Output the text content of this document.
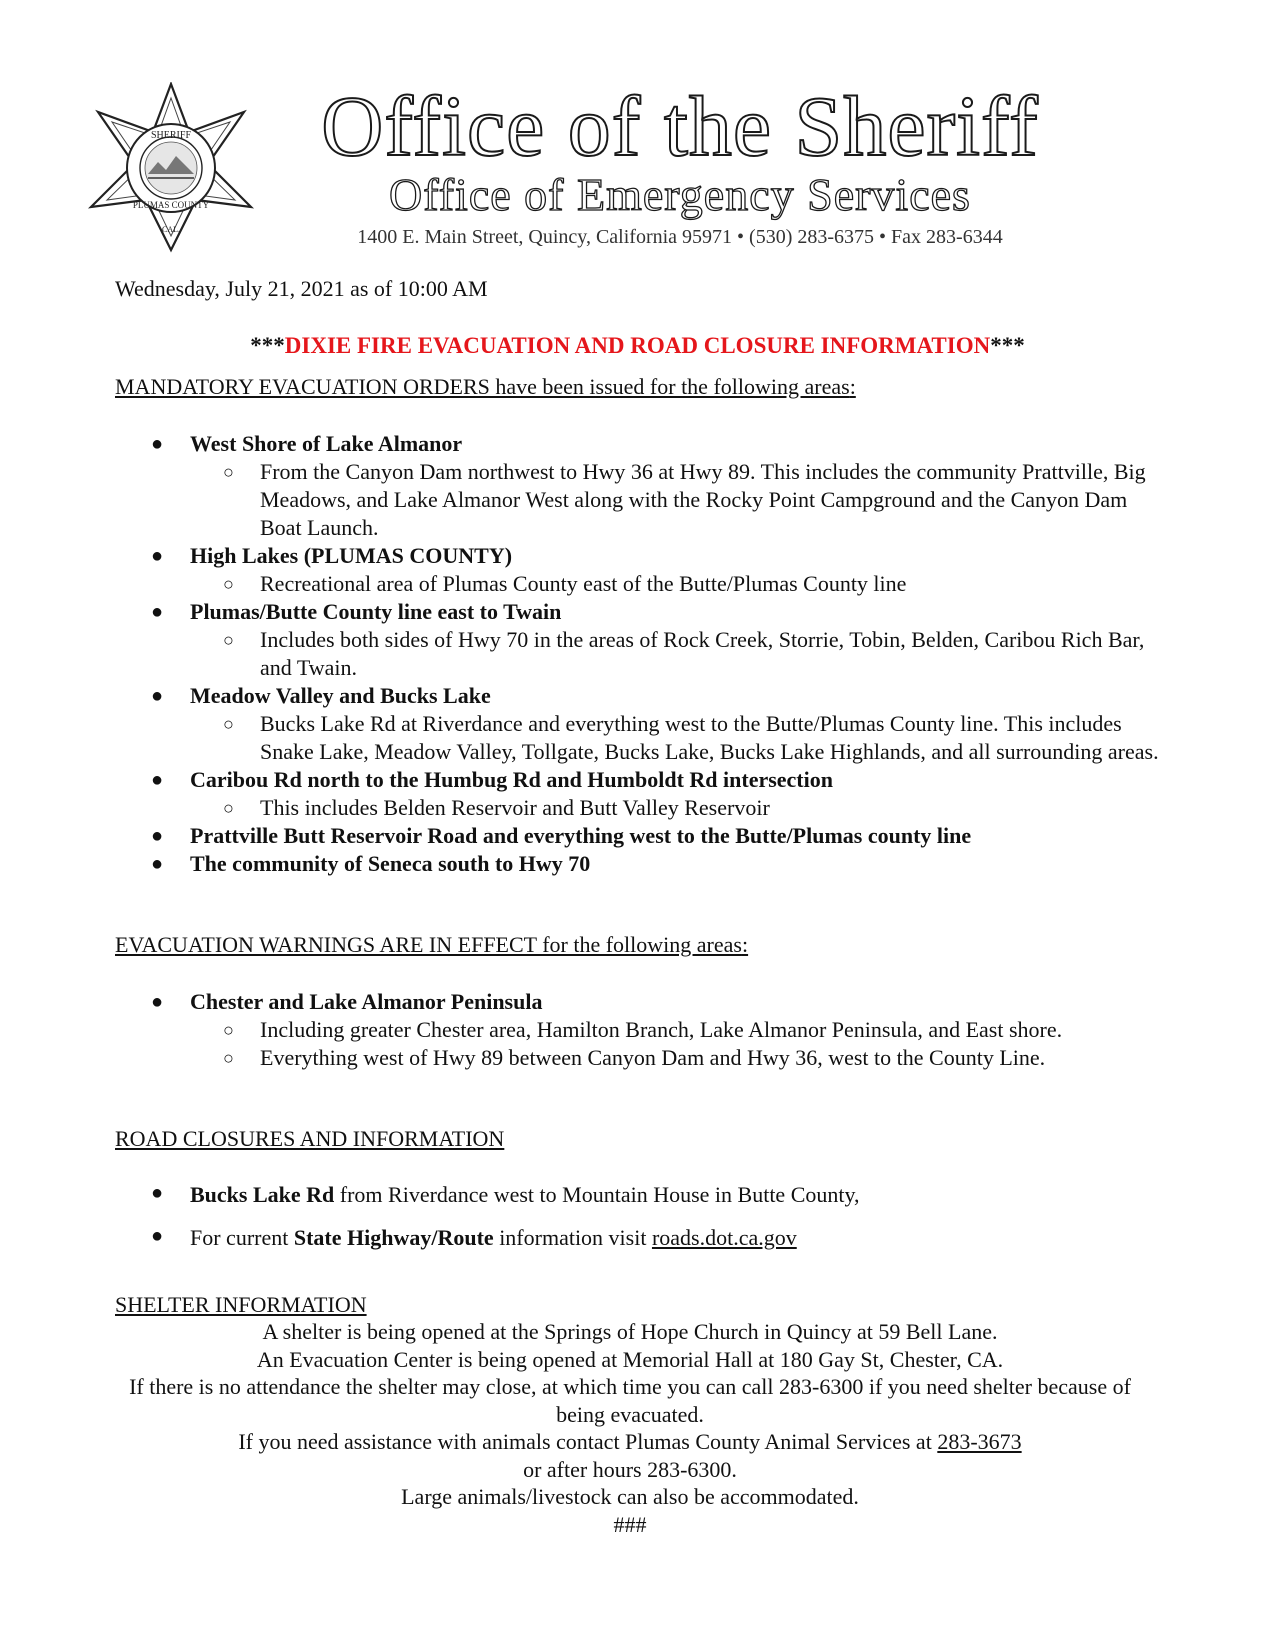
SHERIFF
PLUMAS COUNTY
CAL.
Office of the Sheriff
Office of Emergency Services
1400 E. Main Street, Quincy, California 95971 • (530) 283-6375 • Fax 283-6344
Wednesday, July 21, 2021 as of 10:00 AM
***DIXIE FIRE EVACUATION AND ROAD CLOSURE INFORMATION***
MANDATORY EVACUATION ORDERS have been issued for the following areas:
● West Shore of Lake Almanor
○ From the Canyon Dam northwest to Hwy 36 at Hwy 89. This includes the community Prattville, Big Meadows, and Lake Almanor West along with the Rocky Point Campground and the Canyon Dam Boat Launch.
● High Lakes (PLUMAS COUNTY)
○ Recreational area of Plumas County east of the Butte/Plumas County line
● Plumas/Butte County line east to Twain
○ Includes both sides of Hwy 70 in the areas of Rock Creek, Storrie, Tobin, Belden, Caribou Rich Bar, and Twain.
● Meadow Valley and Bucks Lake
○ Bucks Lake Rd at Riverdance and everything west to the Butte/Plumas County line. This includes Snake Lake, Meadow Valley, Tollgate, Bucks Lake, Bucks Lake Highlands, and all surrounding areas.
● Caribou Rd north to the Humbug Rd and Humboldt Rd intersection
○ This includes Belden Reservoir and Butt Valley Reservoir
● Prattville Butt Reservoir Road and everything west to the Butte/Plumas county line
● The community of Seneca south to Hwy 70
EVACUATION WARNINGS ARE IN EFFECT for the following areas:
● Chester and Lake Almanor Peninsula
○ Including greater Chester area, Hamilton Branch, Lake Almanor Peninsula, and East shore.
○ Everything west of Hwy 89 between Canyon Dam and Hwy 36, west to the County Line.
ROAD CLOSURES AND INFORMATION
●	Bucks Lake Rd from Riverdance west to Mountain House in Butte County,
●	For current State Highway/Route information visit roads.dot.ca.gov
SHELTER INFORMATION
A shelter is being opened at the Springs of Hope Church in Quincy at 59 Bell Lane.
An Evacuation Center is being opened at Memorial Hall at 180 Gay St, Chester, CA.
If there is no attendance the shelter may close, at which time you can call 283-6300 if you need shelter because of being evacuated.
If you need assistance with animals contact Plumas County Animal Services at 283-3673
or after hours 283-6300.
Large animals/livestock can also be accommodated.
###
